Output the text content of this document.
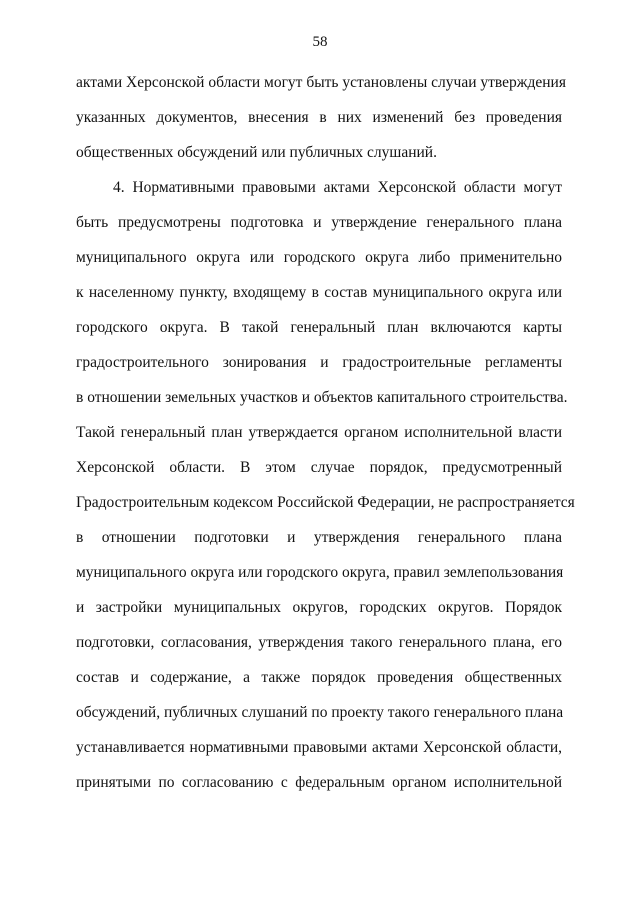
58
актами Херсонской области могут быть установлены случаи утверждения
указанных документов, внесения в них изменений без проведения
общественных обсуждений или публичных слушаний.
4. Нормативными правовыми актами Херсонской области могут
быть предусмотрены подготовка и утверждение генерального плана
муниципального округа или городского округа либо применительно
к населенному пункту, входящему в состав муниципального округа или
городского округа. В такой генеральный план включаются карты
градостроительного зонирования и градостроительные регламенты
в отношении земельных участков и объектов капитального строительства.
Такой генеральный план утверждается органом исполнительной власти
Херсонской области. В этом случае порядок, предусмотренный
Градостроительным кодексом Российской Федерации, не распространяется
в отношении подготовки и утверждения генерального плана
муниципального округа или городского округа, правил землепользования
и застройки муниципальных округов, городских округов. Порядок
подготовки, согласования, утверждения такого генерального плана, его
состав и содержание, а также порядок проведения общественных
обсуждений, публичных слушаний по проекту такого генерального плана
устанавливается нормативными правовыми актами Херсонской области,
принятыми по согласованию с федеральным органом исполнительной
